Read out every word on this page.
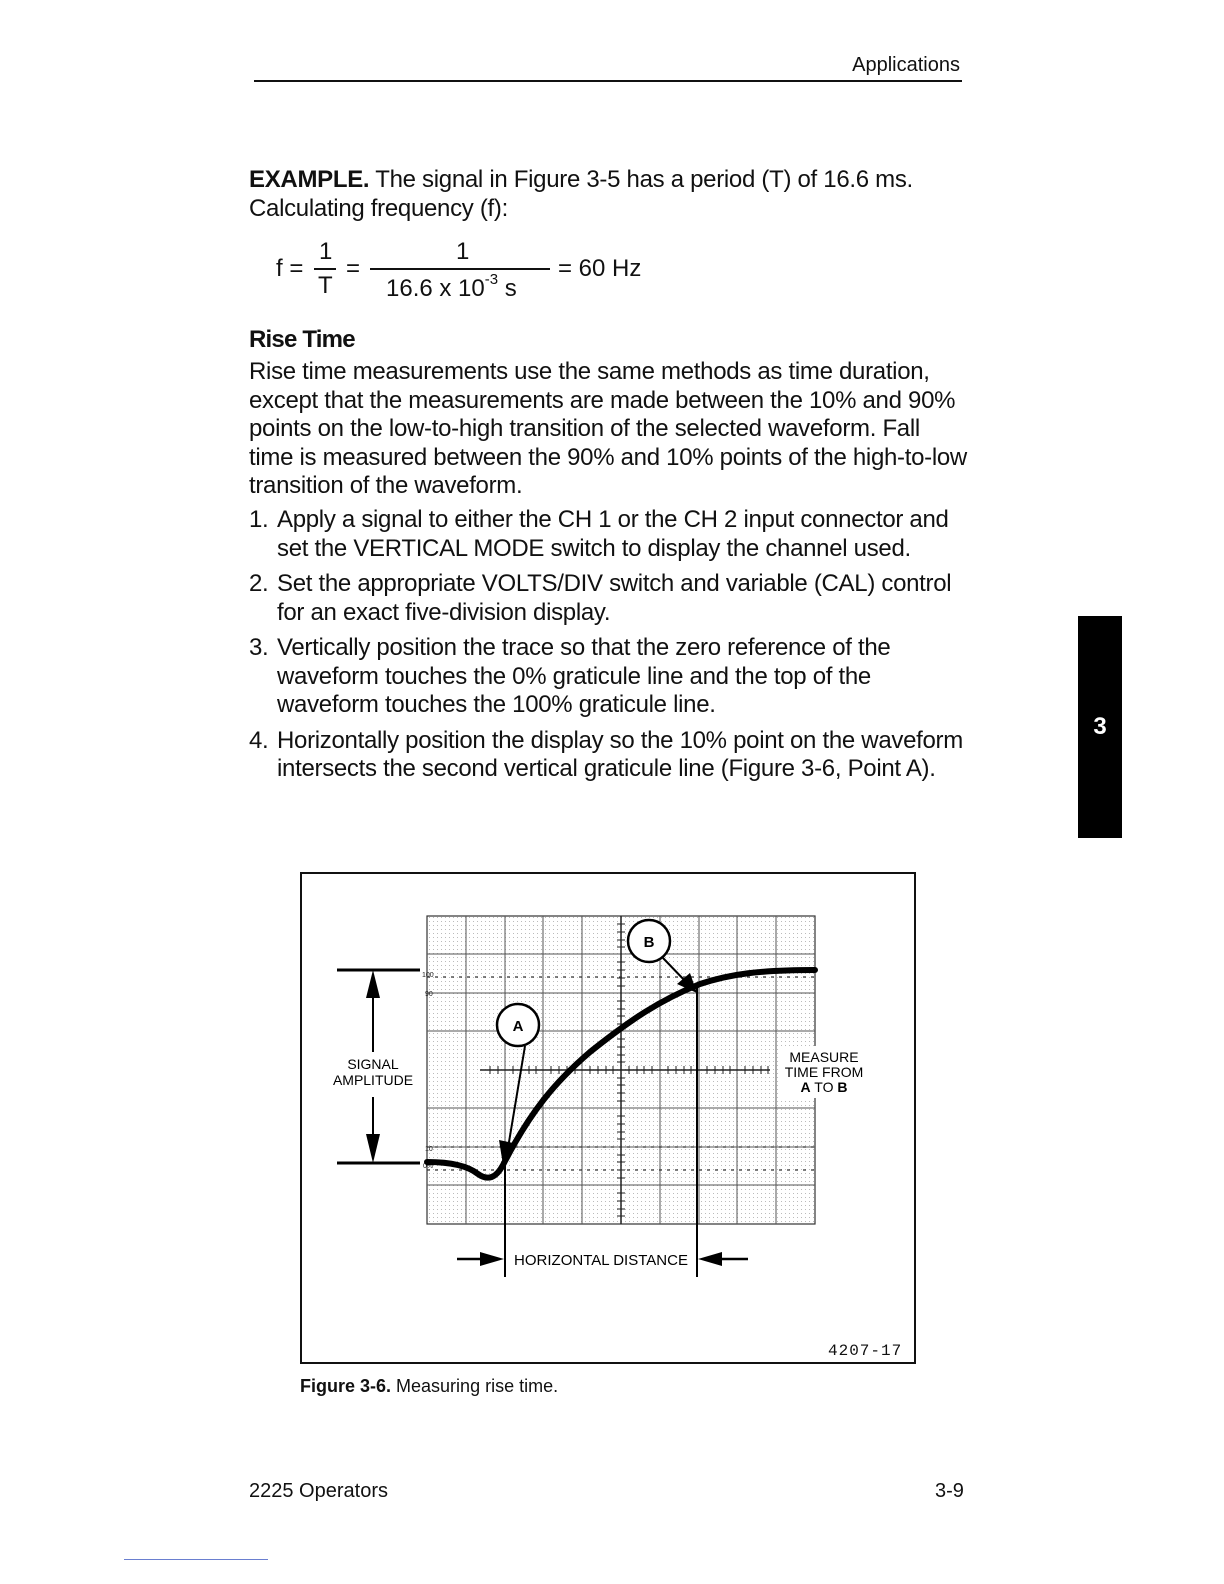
Applications
EXAMPLE. The signal in Figure 3-5 has a period (T) of 16.6 ms. Calculating frequency (f):
f =
1
T
=
1
16.6 x $10^{-3}$ s
= 60 Hz
Rise Time
Rise time measurements use the same methods as time duration, except that the measurements are made between the 10% and 90% points on the low-to-high transition of the selected waveform. Fall time is measured between the 90% and 10% points of the high-to-low transition of the waveform.
1. Apply a signal to either the CH 1 or the CH 2 input connector and set the VERTICAL MODE switch to display the channel used.
2. Set the appropriate VOLTS/DIV switch and variable (CAL) control for an exact five-division display.
3. Vertically position the trace so that the zero reference of the waveform touches the 0% graticule line and the top of the waveform touches the 100% graticule line.
4. Horizontally position the display so the 10% point on the waveform intersects the second vertical graticule line (Figure 3-6, Point A).
3
100
90
10
0%
SIGNAL
AMPLITUDE
A
B
MEASURE
TIME FROM
A TO B
HORIZONTAL DISTANCE
4207-17
Figure 3-6. Measuring rise time.
2225 Operators	3-9
